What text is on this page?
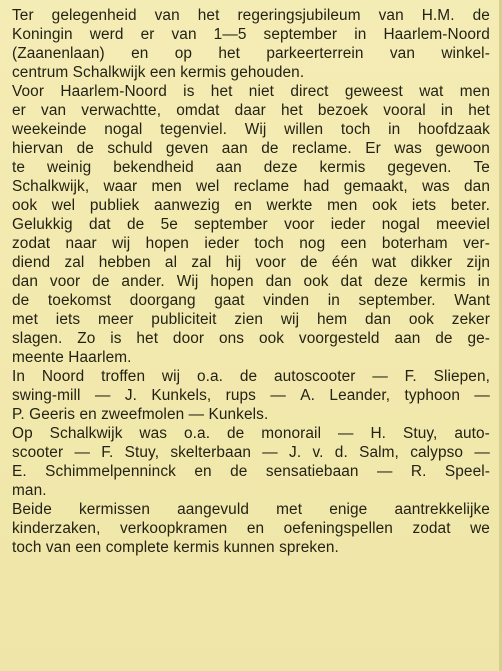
Ter gelegenheid van het regeringsjubileum van H.M. de
Koningin werd er van 1—5 september in Haarlem-Noord
(Zaanenlaan) en op het parkeerterrein van winkel-
centrum Schalkwijk een kermis gehouden.
Voor Haarlem-Noord is het niet direct geweest wat men
er van verwachtte, omdat daar het bezoek vooral in het
weekeinde nogal tegenviel. Wij willen toch in hoofdzaak
hiervan de schuld geven aan de reclame. Er was gewoon
te weinig bekendheid aan deze kermis gegeven. Te
Schalkwijk, waar men wel reclame had gemaakt, was dan
ook wel publiek aanwezig en werkte men ook iets beter.
Gelukkig dat de 5e september voor ieder nogal meeviel
zodat naar wij hopen ieder toch nog een boterham ver-
diend zal hebben al zal hij voor de één wat dikker zijn
dan voor de ander. Wij hopen dan ook dat deze kermis in
de toekomst doorgang gaat vinden in september. Want
met iets meer publiciteit zien wij hem dan ook zeker
slagen. Zo is het door ons ook voorgesteld aan de ge-
meente Haarlem.
In Noord troffen wij o.a. de autoscooter — F. Sliepen,
swing-mill — J. Kunkels, rups — A. Leander, typhoon —
P. Geeris en zweefmolen — Kunkels.
Op Schalkwijk was o.a. de monorail — H. Stuy, auto-
scooter — F. Stuy, skelterbaan — J. v. d. Salm, calypso —
E. Schimmelpenninck en de sensatiebaan — R. Speel-
man.
Beide kermissen aangevuld met enige aantrekkelijke
kinderzaken, verkoopkramen en oefeningspellen zodat we
toch van een complete kermis kunnen spreken.
